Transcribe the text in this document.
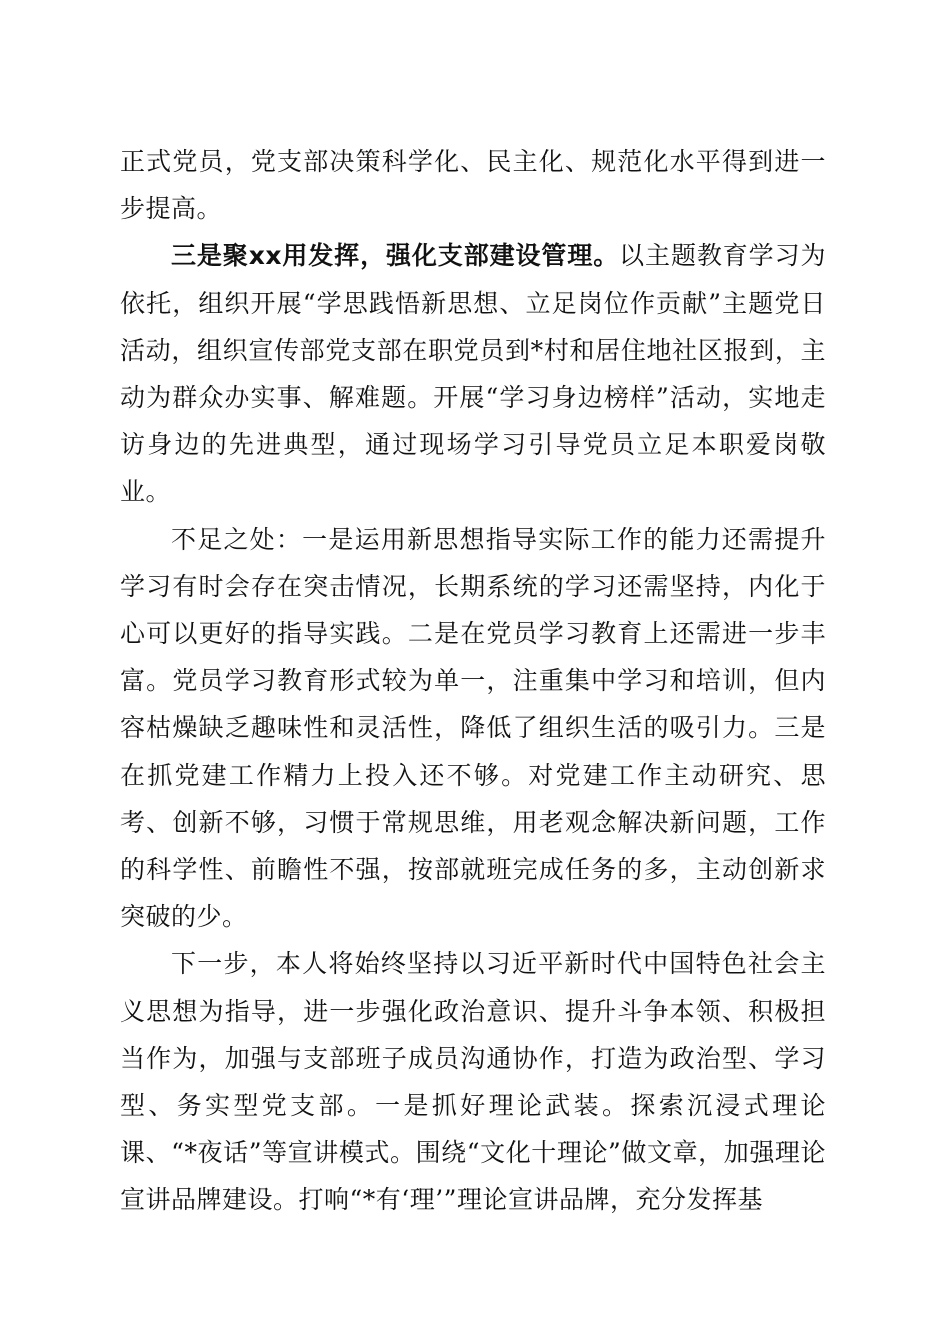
正式党员，党支部决策科学化、民主化、规范化水平得到进一步提高。

三是聚xx用发挥，强化支部建设管理。以主题教育学习为依托，组织开展“学思践悟新思想、立足岗位作贡献”主题党日活动，组织宣传部党支部在职党员到*村和居住地社区报到，主动为群众办实事、解难题。开展“学习身边榜样”活动，实地走访身边的先进典型，通过现场学习引导党员立足本职爱岗敬业。

不足之处：一是运用新思想指导实际工作的能力还需提升学习有时会存在突击情况，长期系统的学习还需坚持，内化于心可以更好的指导实践。二是在党员学习教育上还需进一步丰富。党员学习教育形式较为单一，注重集中学习和培训，但内容枯燥缺乏趣味性和灵活性，降低了组织生活的吸引力。三是在抓党建工作精力上投入还不够。对党建工作主动研究、思考、创新不够，习惯于常规思维，用老观念解决新问题，工作的科学性、前瞻性不强，按部就班完成任务的多，主动创新求突破的少。

下一步，本人将始终坚持以习近平新时代中国特色社会主义思想为指导，进一步强化政治意识、提升斗争本领、积极担当作为，加强与支部班子成员沟通协作，打造为政治型、学习型、务实型党支部。一是抓好理论武装。探索沉浸式理论课、“*夜话”等宣讲模式。围绕“文化十理论”做文章，加强理论宣讲品牌建设。打响“*有‘理’”理论宣讲品牌，充分发挥基
